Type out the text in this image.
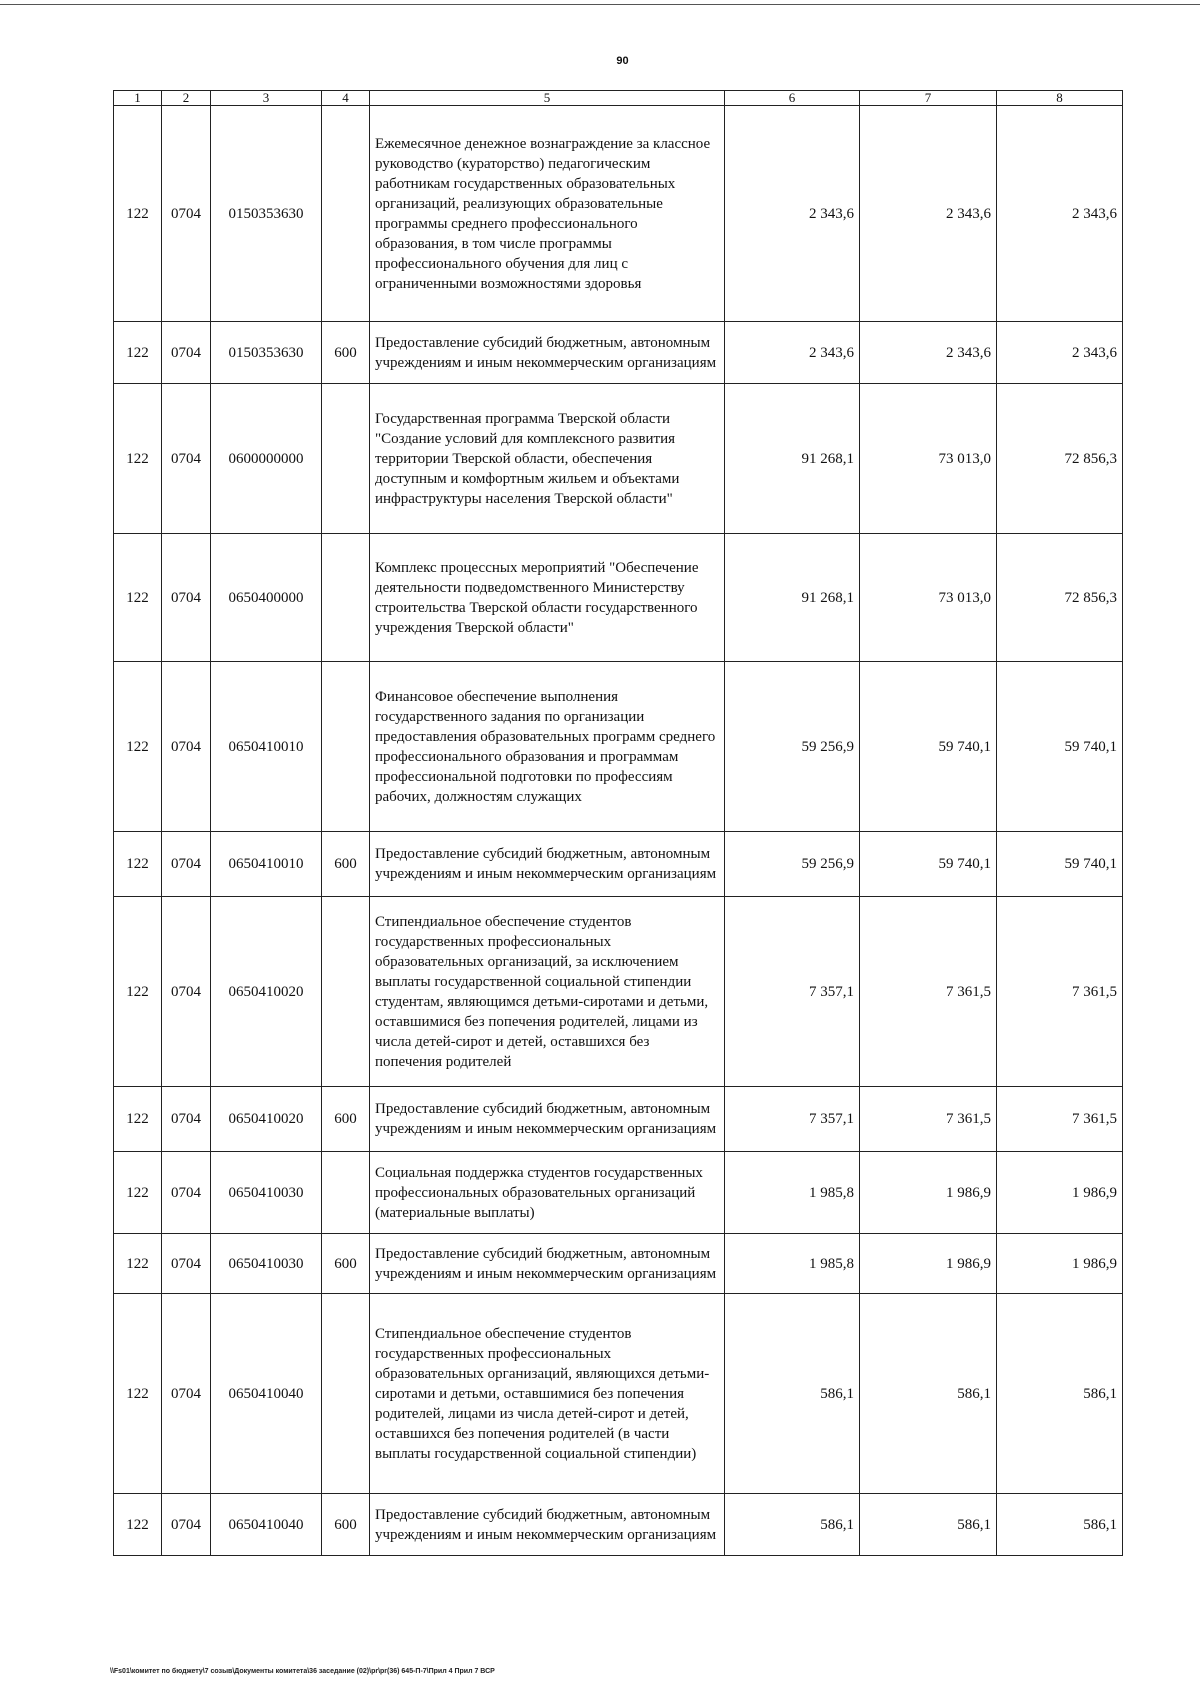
90
1	2	3	4	5	6	7	8
122	0704	0150353630		Ежемесячное денежное вознаграждение за классное руководство (кураторство) педагогическим работникам государственных образовательных организаций, реализующих образовательные программы среднего профессионального образования, в том числе программы профессионального обучения для лиц с ограниченными возможностями здоровья	2 343,6	2 343,6	2 343,6
122	0704	0150353630	600	Предоставление субсидий бюджетным, автономным учреждениям и иным некоммерческим организациям	2 343,6	2 343,6	2 343,6
122	0704	0600000000		Государственная программа Тверской области "Создание условий для комплексного развития территории Тверской области, обеспечения доступным и комфортным жильем и объектами инфраструктуры населения Тверской области"	91 268,1	73 013,0	72 856,3
122	0704	0650400000		Комплекс процессных мероприятий "Обеспечение деятельности подведомственного Министерству строительства Тверской области государственного учреждения Тверской области"	91 268,1	73 013,0	72 856,3
122	0704	0650410010		Финансовое обеспечение выполнения государственного задания по организации предоставления образовательных программ среднего профессионального образования и программам профессиональной подготовки по профессиям рабочих, должностям служащих	59 256,9	59 740,1	59 740,1
122	0704	0650410010	600	Предоставление субсидий бюджетным, автономным учреждениям и иным некоммерческим организациям	59 256,9	59 740,1	59 740,1
122	0704	0650410020		Стипендиальное обеспечение студентов государственных профессиональных образовательных организаций, за исключением выплаты государственной социальной стипендии студентам, являющимся детьми-сиротами и детьми, оставшимися без попечения родителей, лицами из числа детей-сирот и детей, оставшихся без попечения родителей	7 357,1	7 361,5	7 361,5
122	0704	0650410020	600	Предоставление субсидий бюджетным, автономным учреждениям и иным некоммерческим организациям	7 357,1	7 361,5	7 361,5
122	0704	0650410030		Социальная поддержка студентов государственных профессиональных образовательных организаций (материальные выплаты)	1 985,8	1 986,9	1 986,9
122	0704	0650410030	600	Предоставление субсидий бюджетным, автономным учреждениям и иным некоммерческим организациям	1 985,8	1 986,9	1 986,9
122	0704	0650410040		Стипендиальное обеспечение студентов государственных профессиональных образовательных организаций, являющихся детьми-сиротами и детьми, оставшимися без попечения родителей, лицами из числа детей-сирот и детей, оставшихся без попечения родителей (в части выплаты государственной социальной стипендии)	586,1	586,1	586,1
122	0704	0650410040	600	Предоставление субсидий бюджетным, автономным учреждениям и иным некоммерческим организациям	586,1	586,1	586,1
\\Fs01\комитет по бюджету\7 созыв\Документы комитета\36 заседание (02)\pr\pr(36) 645-П-7\Прил 4 Прил 7 ВСР
